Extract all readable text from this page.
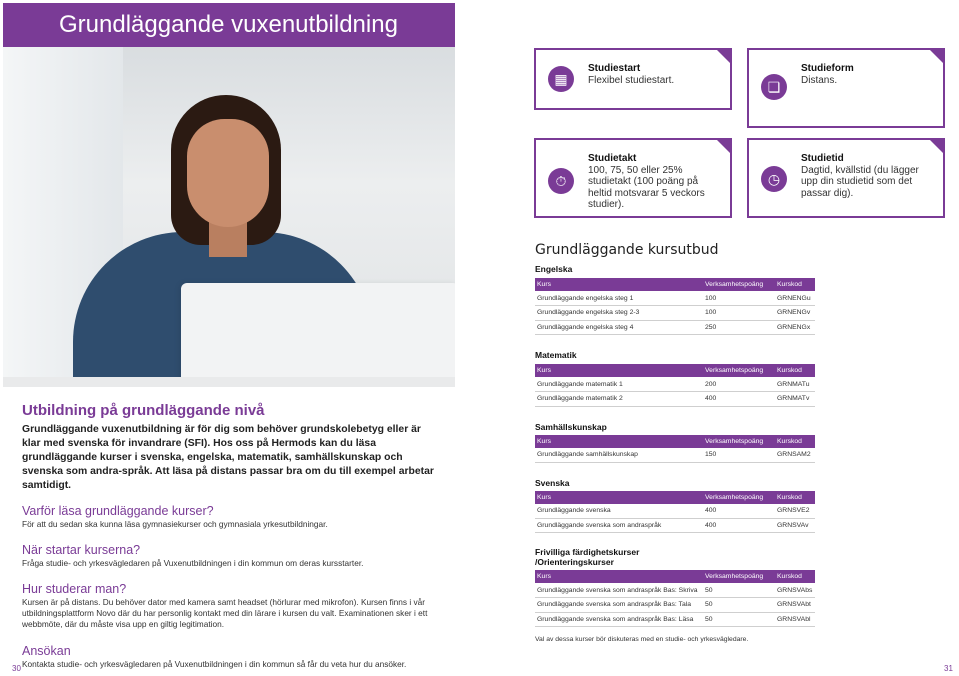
Grundläggande vuxenutbildning
▦
Studiestart
Flexibel studiestart.	❏
Studieform
Distans.
⏱
Studietakt
100, 75, 50 eller 25% studietakt (100 poäng på heltid motsvarar 5 veckors studier).
◷
Studietid
Dagtid, kvällstid (du lägger upp din studietid som det passar dig).
Utbildning på grundläggande nivå
Grundläggande vuxenutbildning är för dig som behöver grundskolebetyg eller är klar med svenska för invandrare (SFI). Hos oss på Hermods kan du läsa grundläggande kurser i svenska, engelska, matematik, samhällskunskap och svenska som andra-språk. Att läsa på distans passar bra om du till exempel arbetar samtidigt.
Varför läsa grundläggande kurser?
För att du sedan ska kunna läsa gymnasiekurser och gymnasiala yrkesutbildningar.
När startar kurserna?
Fråga studie- och yrkesvägledaren på Vuxenutbildningen i din kommun om deras kursstarter.
Hur studerar man?
Kursen är på distans. Du behöver dator med kamera samt headset (hörlurar med mikrofon). Kursen finns i vår utbildningsplattform Novo där du har personlig kontakt med din lärare i kursen du valt. Examinationen sker i ett webbmöte, där du måste visa upp en giltig legitimation.
Ansökan
Kontakta studie- och yrkesvägledaren på Vuxenutbildningen i din kommun så får du veta hur du ansöker.
Grundläggande kursutbud
Engelska
Kurs	Verksamhetspoäng	Kurskod
Grundläggande engelska steg 1	100	GRNENGu
Grundläggande engelska steg 2-3	100	GRNENGv
Grundläggande engelska steg 4	250	GRNENGx
Matematik
Kurs	Verksamhetspoäng	Kurskod
Grundläggande matematik 1	200	GRNMATu
Grundläggande matematik 2	400	GRNMATv
Samhällskunskap
Kurs	Verksamhetspoäng	Kurskod
Grundläggande samhällskunskap	150	GRNSAM2
Svenska
Kurs	Verksamhetspoäng	Kurskod
Grundläggande svenska	400	GRNSVE2
Grundläggande svenska som andraspråk	400	GRNSVAv
Frivilliga färdighetskurser
/Orienteringskurser
Kurs	Verksamhetspoäng	Kurskod
Grundläggande svenska som andraspråk Bas: Skriva	50	GRNSVAbs
Grundläggande svenska som andraspråk Bas: Tala	50	GRNSVAbt
Grundläggande svenska som andraspråk Bas: Läsa	50	GRNSVAbl
Val av dessa kurser bör diskuteras med en studie- och yrkesvägledare.
30	31
